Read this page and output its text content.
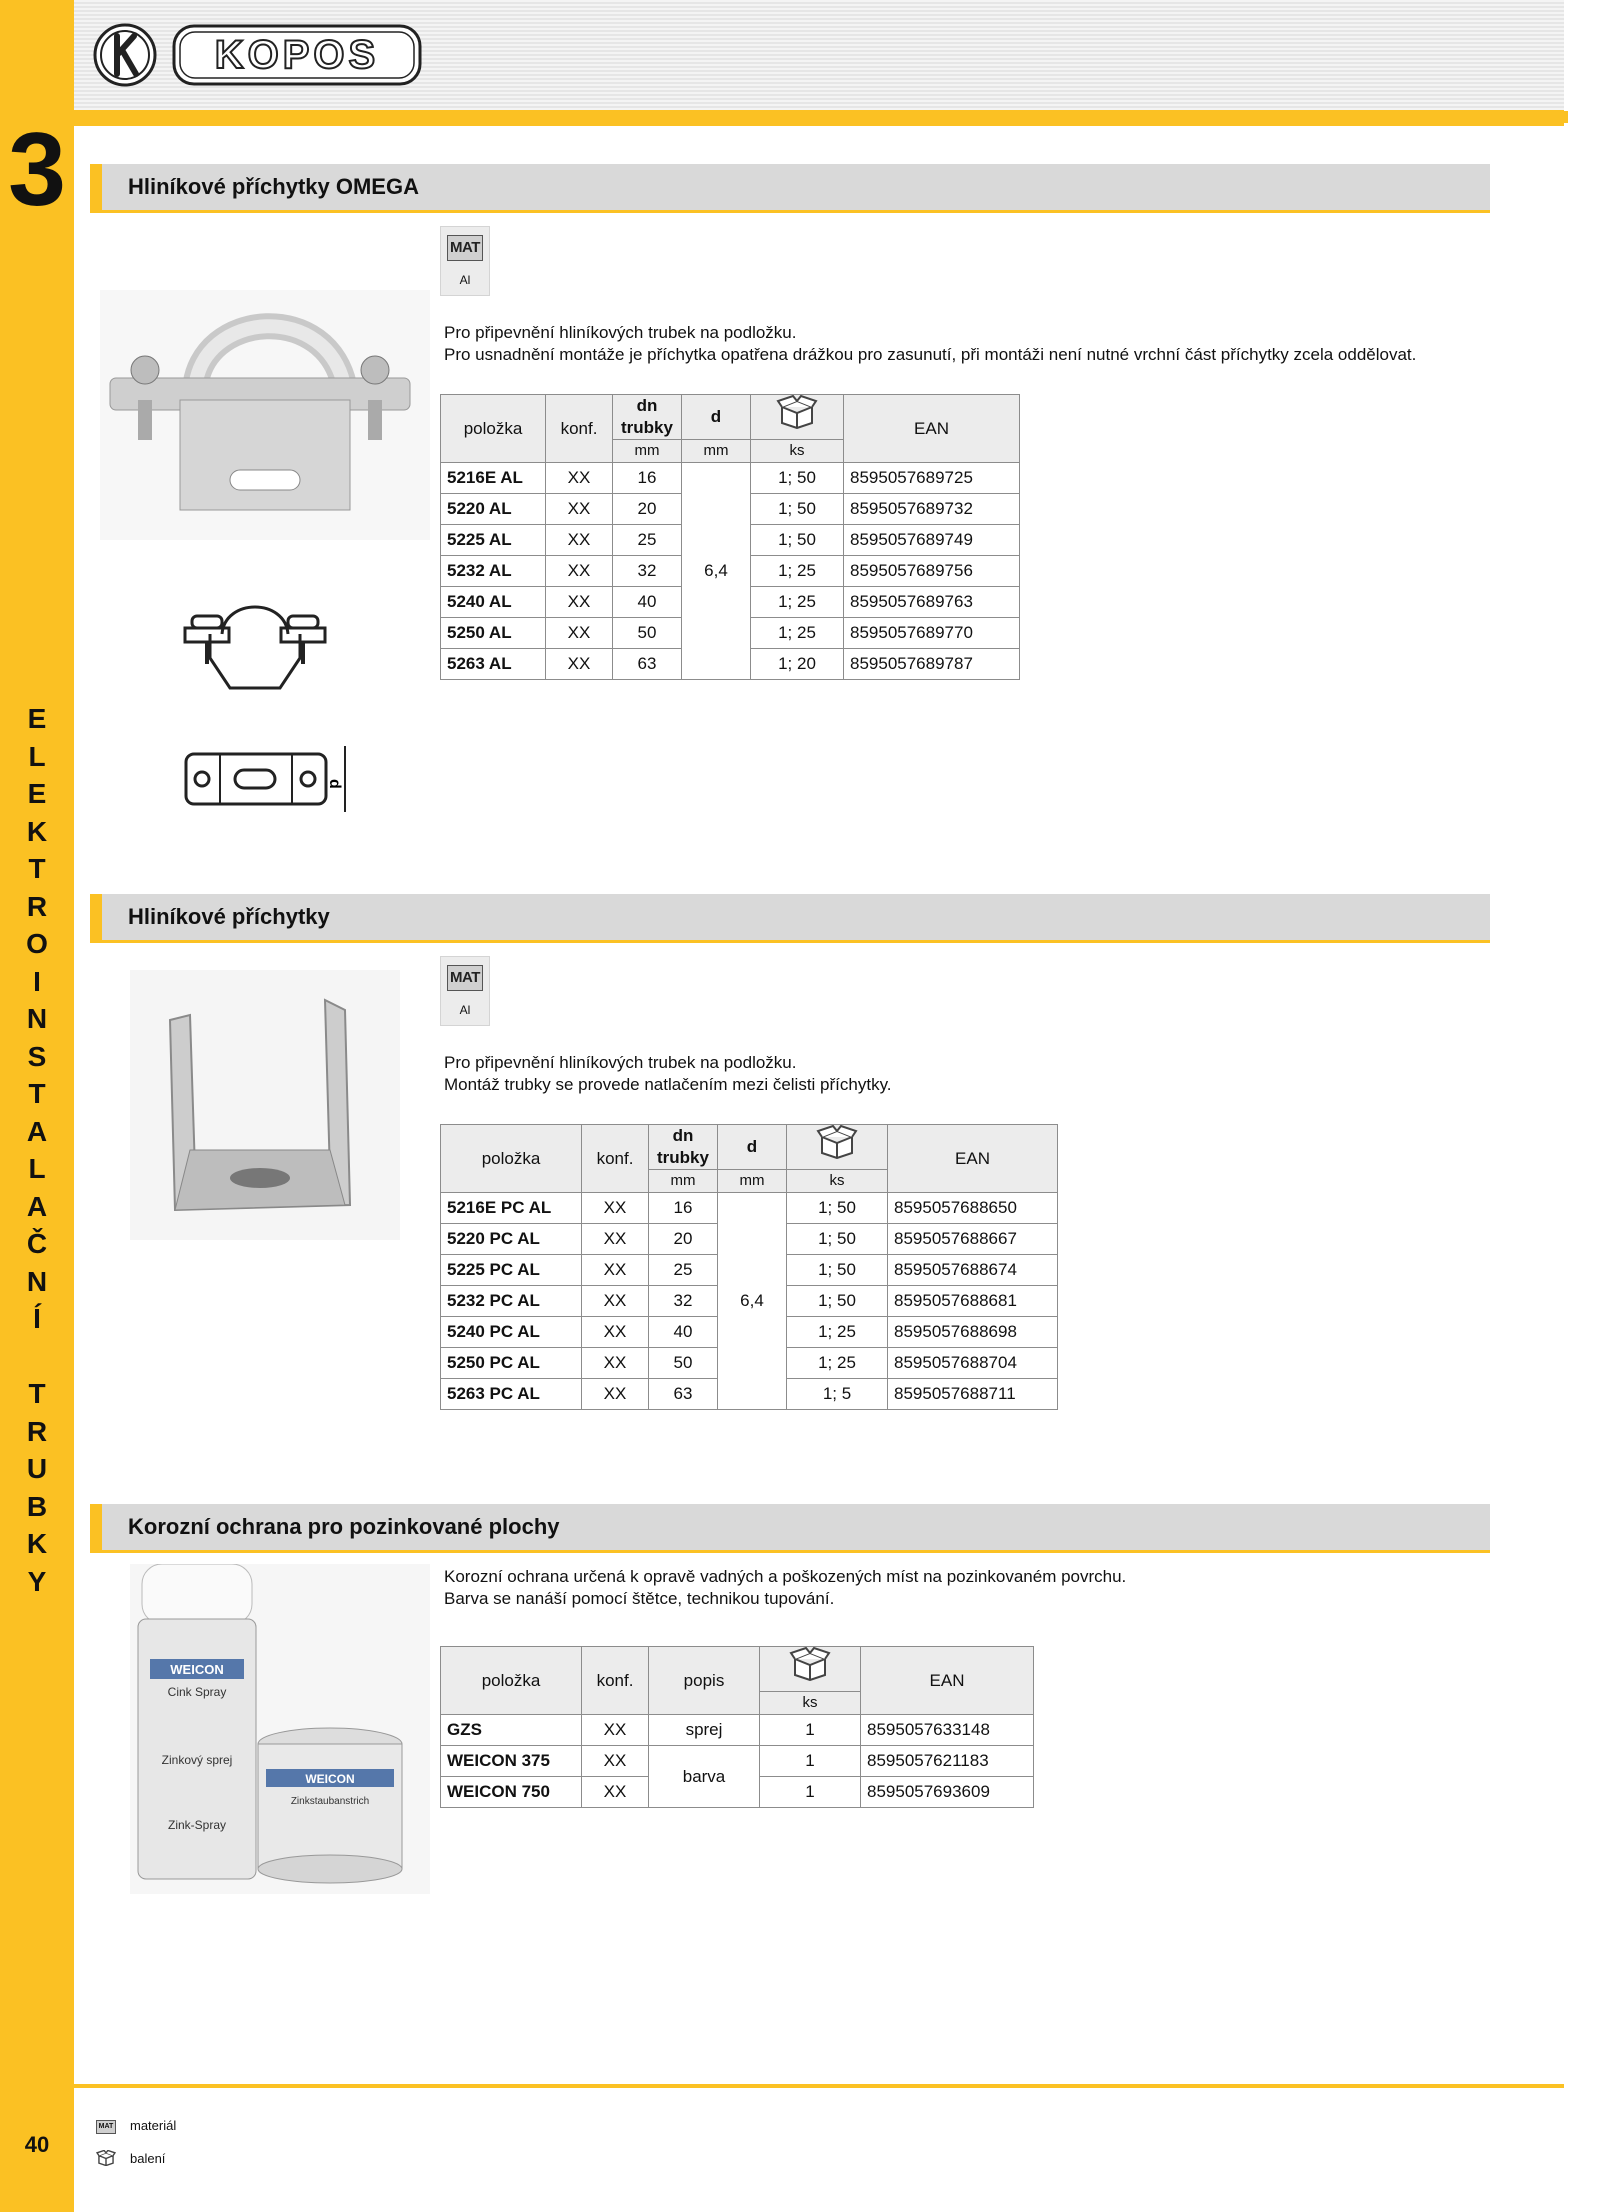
3
E
L
E
K
T
R
O
I
N
S
T
A
L
A
Č
N
Í
T
R
U
B
K
Y
40
KOPOS
Hliníkové příchytky OMEGA
MAT
Al
Pro připevnění hliníkových trubek na podložku.
Pro usnadnění montáže je příchytka opatřena drážkou pro zasunutí, při montáži není nutné vrchní část příchytky zcela oddělovat.
d
položka	konf.	dn
trubky	d		EAN
		mm	mm	ks	
5216E AL	XX	16	6,4	1; 50	8595057689725
5220 AL	XX	20		1; 50	8595057689732
5225 AL	XX	25		1; 50	8595057689749
5232 AL	XX	32		1; 25	8595057689756
5240 AL	XX	40		1; 25	8595057689763
5250 AL	XX	50		1; 25	8595057689770
5263 AL	XX	63		1; 20	8595057689787
Hliníkové příchytky
MAT
Al
Pro připevnění hliníkových trubek na podložku.
Montáž trubky se provede natlačením mezi čelisti příchytky.
položka	konf.	dn
trubky	d		EAN
		mm	mm	ks	
5216E PC AL	XX	16	6,4	1; 50	8595057688650
5220 PC AL	XX	20		1; 50	8595057688667
5225 PC AL	XX	25		1; 50	8595057688674
5232 PC AL	XX	32		1; 50	8595057688681
5240 PC AL	XX	40		1; 25	8595057688698
5250 PC AL	XX	50		1; 25	8595057688704
5263 PC AL	XX	63		1; 5	8595057688711
Korozní ochrana pro pozinkované plochy
Korozní ochrana určená k opravě vadných a poškozených míst na pozinkovaném povrchu.
Barva se nanáší pomocí štětce, technikou tupování.
WEICON
Cink Spray
Zinkový sprej
Zink-Spray
WEICON
Zinkstaubanstrich
položka	konf.	popis		EAN
			ks	
GZS	XX	sprej	1	8595057633148
WEICON 375	XX	barva	1	8595057621183
WEICON 750	XX		1	8595057693609
MAT materiál
balení
